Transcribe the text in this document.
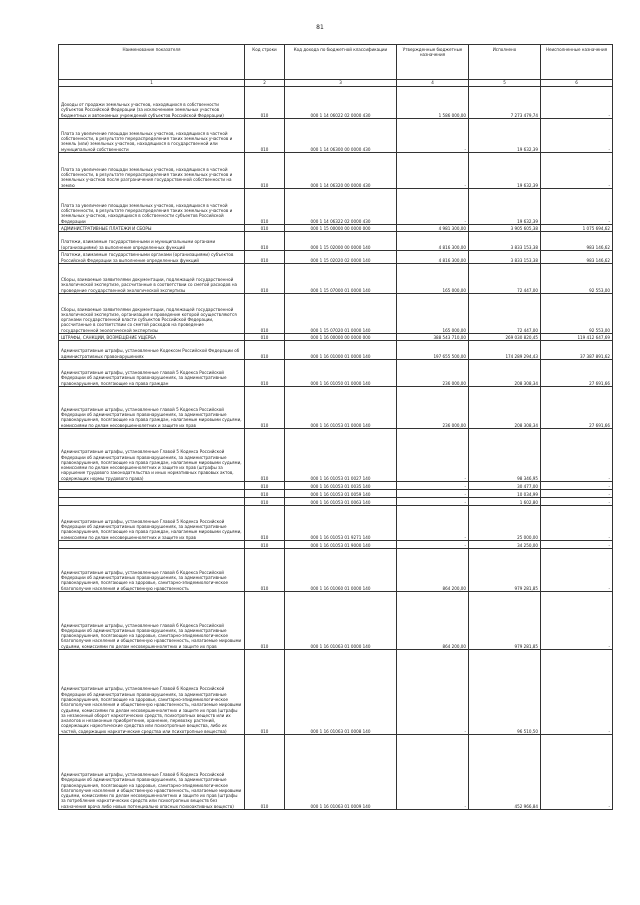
81
Наименование показателя	Код строки	Код дохода по бюджетной классификации	Утвержденные бюджетные назначения	Исполнено	Неисполненные назначения
1	2	3	4	5	6
Доходы от продажи земельных участков, находящихся в собственности субъектов Российской Федерации (за исключением земельных участков бюджетных и автономных учреждений субъектов Российской Федерации)	010	000 1 14 06022 02 0000 430	1 586 000,00	7 273 479,74	-
Плата за увеличение площади земельных участков, находящихся в частной собственности, в результате перераспределения таких земельных участков и земель (или) земельных участков, находящихся в государственной или муниципальной собственности	010	000 1 14 06300 00 0000 430	-	19 632,39	-
Плата за увеличение площади земельных участков, находящихся в частной собственности, в результате перераспределения таких земельных участков и земельных участков после разграничения государственной собственности на землю	010	000 1 14 06320 00 0000 430	-	19 632,39	-
Плата за увеличение площади земельных участков, находящихся в частной собственности, в результате перераспределения таких земельных участков и земельных участков, находящихся в собственности субъектов Российской Федерации	010	000 1 14 06322 02 0000 430	-	19 632,39	-
АДМИНИСТРАТИВНЫЕ ПЛАТЕЖИ И СБОРЫ	010	000 1 15 00000 00 0000 000	4 981 300,00	3 905 605,38	1 075 694,62
Платежи, взимаемые государственными и муниципальными органами (организациями) за выполнение определенных функций	010	000 1 15 02000 00 0000 140	4 816 300,00	3 833 153,38	983 146,62
Платежи, взимаемые государственными органами (организациями) субъектов Российской Федерации за выполнение определенных функций	010	000 1 15 02020 02 0000 140	4 816 300,00	3 833 153,38	983 146,62
Сборы, взимаемые заявителями документации, подлежащей государственной экологической экспертизе, рассчитанные в соответствии со сметой расходов на проведение государственной экологической экспертизы	010	000 1 15 07000 01 0000 140	165 000,00	72 447,00	92 553,00
Сборы, взимаемые заявителями документации, подлежащей государственной экологической экспертизе, организация и проведение которой осуществляются органами государственной власти субъектов Российской Федерации, рассчитанные в соответствии со сметой расходов на проведение государственной экологической экспертизы	010	000 1 15 07020 01 0000 140	165 000,00	72 447,00	92 553,00
ШТРАФЫ, САНКЦИИ, ВОЗМЕЩЕНИЕ УЩЕРБА	010	000 1 16 00000 00 0000 000	388 543 710,00	269 030 820,45	119 412 647,69
Административные штрафы, установленные Кодексом Российской Федерации об административных правонарушениях	010	000 1 16 01000 01 0000 140	197 655 500,00	174 289 294,43	37 387 891,62
Административные штрафы, установленные главой 5 Кодекса Российской Федерации об административных правонарушениях, за административные правонарушения, посягающие на права граждан	010	000 1 16 01050 01 0000 140	236 000,00	208 308,34	27 691,66
Административные штрафы, установленные главой 5 Кодекса Российской Федерации об административных правонарушениях, за административные правонарушения, посягающие на права граждан, налагаемые мировыми судьями, комиссиями по делам несовершеннолетних и защите их прав	010	000 1 16 01053 01 0000 140	236 000,00	208 308,34	27 691,66
Административные штрафы, установленные Главой 5 Кодекса Российской Федерации об административных правонарушениях, за административные правонарушения, посягающие на права граждан, налагаемые мировыми судьями, комиссиями по делам несовершеннолетних и защите их прав (штрафы за нарушение трудового законодательства и иных нормативных правовых актов, содержащих нормы трудового права)	010	000 1 16 01053 01 0027 140	-	98 346,95	-
	010	000 1 16 01053 01 0035 140	-	30 477,00	-
	010	000 1 16 01053 01 0059 140	-	10 034,99	-
	010	000 1 16 01053 01 0063 140	-	1 602,80	-
Административные штрафы, установленные Главой 5 Кодекса Российской Федерации об административных правонарушениях, за административные правонарушения, посягающие на права граждан, налагаемые мировыми судьями, комиссиями по делам несовершеннолетних и защите их прав	010	000 1 16 01053 01 9271 140	-	25 000,00	-
	010	000 1 16 01053 01 9000 140	-	34 250,00	-
Административные штрафы, установленные главой 6 Кодекса Российской Федерации об административных правонарушениях, за административные правонарушения, посягающие на здоровье, санитарно-эпидемиологическое благополучие населения и общественную нравственность	010	000 1 16 01060 01 0000 140	864 200,00	979 281,85	-
Административные штрафы, установленные главой 6 Кодекса Российской Федерации об административных правонарушениях, за административные правонарушения, посягающие на здоровье, санитарно-эпидемиологическое благополучие населения и общественную нравственность, налагаемые мировыми судьями, комиссиями по делам несовершеннолетних и защите их прав	010	000 1 16 01063 01 0000 140	864 200,00	979 281,85	-
Административные штрафы, установленные Главой 6 Кодекса Российской Федерации об административных правонарушениях, за административные правонарушения, посягающие на здоровье, санитарно-эпидемиологическое благополучие населения и общественную нравственность, налагаемые мировыми судьями, комиссиями по делам несовершеннолетних и защите их прав (штрафы за незаконный оборот наркотических средств, психотропных веществ или их аналогов и незаконные приобретение, хранение, перевозку растений, содержащих наркотические средства или психотропные вещества, либо их частей, содержащих наркотические средства или психотропные вещества)	010	000 1 16 01063 01 0008 140	-	96 510,50	-
Административные штрафы, установленные Главой 6 Кодекса Российской Федерации об административных правонарушениях, за административные правонарушения, посягающие на здоровье, санитарно-эпидемиологическое благополучие населения и общественную нравственность, налагаемые мировыми судьями, комиссиями по делам несовершеннолетних и защите их прав (штрафы за потребление наркотических средств или психотропных веществ без назначения врача либо новых потенциально опасных психоактивных веществ)	010	000 1 16 01063 01 0009 140	-	452 966,84	-
